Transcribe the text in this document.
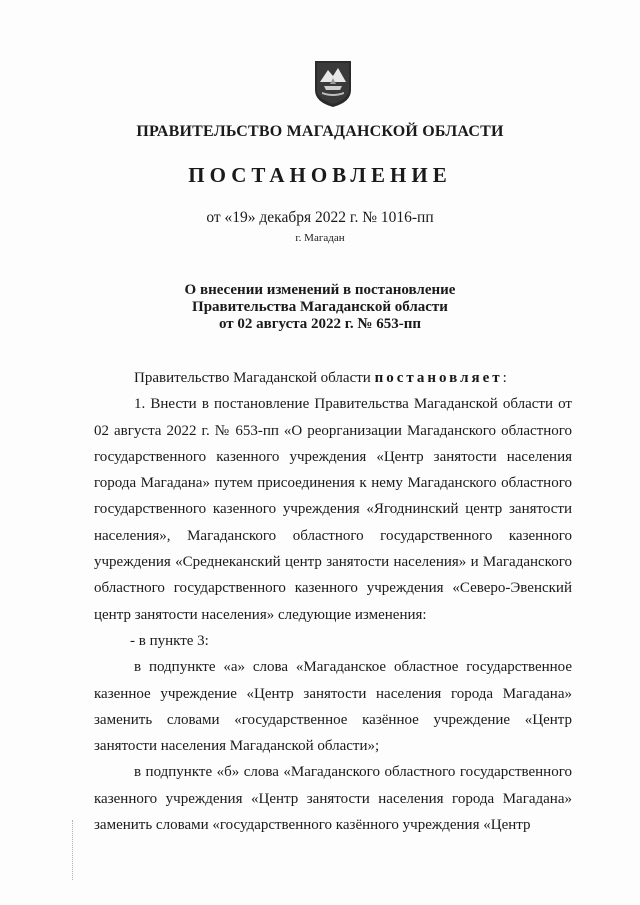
ПРАВИТЕЛЬСТВО МАГАДАНСКОЙ ОБЛАСТИ
ПОСТАНОВЛЕНИЕ
от «19» декабря 2022 г. № 1016-пп
г. Магадан
О внесении изменений в постановление
Правительства Магаданской области
от 02 августа 2022 г. № 653-пп

Правительство Магаданской области постановляет:

1. Внести в постановление Правительства Магаданской области от 02 августа 2022 г. № 653-пп «О реорганизации Магаданского областного государственного казенного учреждения «Центр занятости населения города Магадана» путем присоединения к нему Магаданского областного государственного казенного учреждения «Ягоднинский центр занятости населения», Магаданского областного государственного казенного учреждения «Среднеканский центр занятости населения» и Магаданского областного государственного казенного учреждения «Северо-Эвенский центр занятости населения» следующие изменения:

- в пункте 3:

в подпункте «а» слова «Магаданское областное государственное казенное учреждение «Центр занятости населения города Магадана» заменить словами «государственное казённое учреждение «Центр занятости населения Магаданской области»;

в подпункте «б» слова «Магаданского областного государственного казенного учреждения «Центр занятости населения города Магадана» заменить словами «государственного казённого учреждения «Центр
